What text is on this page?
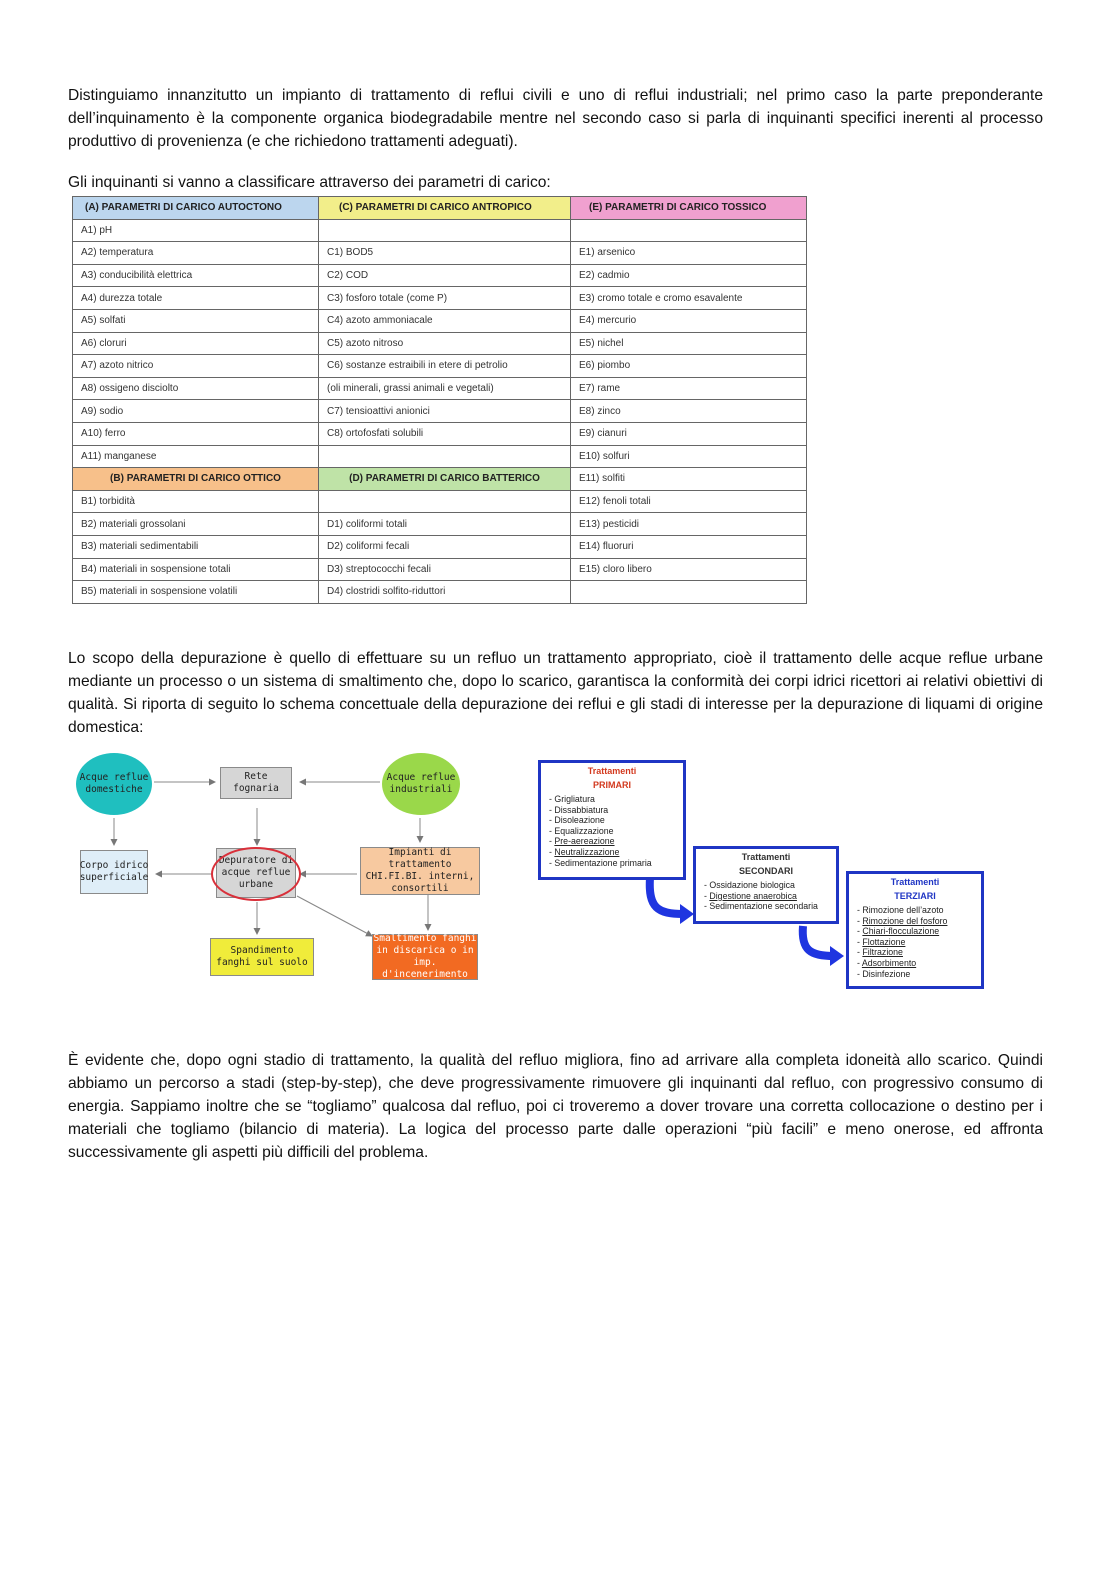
Distinguiamo innanzitutto un impianto di trattamento di reflui civili e uno di reflui industriali; nel primo caso la parte preponderante dell’inquinamento è la componente organica biodegradabile mentre nel secondo caso si parla di inquinanti specifici inerenti al processo produttivo di provenienza (e che richiedono trattamenti adeguati).

Gli inquinanti si vanno a classificare attraverso dei parametri di carico:

(A) PARAMETRI DI CARICO AUTOCTONO	(C) PARAMETRI DI CARICO ANTROPICO	(E) PARAMETRI DI CARICO TOSSICO
A1) pH		
A2) temperatura	C1) BOD5	E1) arsenico
A3) conducibilità elettrica	C2) COD	E2) cadmio
A4) durezza totale	C3) fosforo totale (come P)	E3) cromo totale e cromo esavalente
A5) solfati	C4) azoto ammoniacale	E4) mercurio
A6) cloruri	C5) azoto nitroso	E5) nichel
A7) azoto nitrico	C6) sostanze estraibili in etere di petrolio	E6) piombo
A8) ossigeno disciolto	(oli minerali, grassi animali e vegetali)	E7) rame
A9) sodio	C7) tensioattivi anionici	E8) zinco
A10) ferro	C8) ortofosfati solubili	E9) cianuri
A11) manganese		E10) solfuri
(B) PARAMETRI DI CARICO OTTICO	(D) PARAMETRI DI CARICO BATTERICO	E11) solfiti
B1) torbidità		E12) fenoli totali
B2) materiali grossolani	D1) coliformi totali	E13) pesticidi
B3) materiali sedimentabili	D2) coliformi fecali	E14) fluoruri
B4) materiali in sospensione totali	D3) streptococchi fecali	E15) cloro libero
B5) materiali in sospensione volatili	D4) clostridi solfito-riduttori	

Lo scopo della depurazione è quello di effettuare su un refluo un trattamento appropriato, cioè il trattamento delle acque reflue urbane mediante un processo o un sistema di smaltimento che, dopo lo scarico, garantisca la conformità dei corpi idrici ricettori ai relativi obiettivi di qualità. Si riporta di seguito lo schema concettuale della depurazione dei reflui e gli stadi di interesse per la depurazione di liquami di origine domestica:

Acque reflue domestiche
Rete fognaria
Acque reflue industriali
Corpo idrico superficiale
Depuratore di acque reflue urbane
Impianti di trattamento CHI.FI.BI. interni, consortili
Spandimento fanghi sul suolo
Smaltimento fanghi in discarica o in imp. d'incenerimento
Trattamenti
PRIMARI
- Grigliatura
- Dissabbiatura
- Disoleazione
- Equalizzazione
- Pre-aereazione
- Neutralizzazione
- Sedimentazione primaria
Trattamenti
SECONDARI
- Ossidazione biologica
- Digestione anaerobica
- Sedimentazione secondaria
Trattamenti
TERZIARI
- Rimozione dell’azoto
- Rimozione del fosforo
- Chiari-flocculazione
- Flottazione
- Filtrazione
- Adsorbimento
- Disinfezione

È evidente che, dopo ogni stadio di trattamento, la qualità del refluo migliora, fino ad arrivare alla completa idoneità allo scarico. Quindi abbiamo un percorso a stadi (step-by-step), che deve progressivamente rimuovere gli inquinanti dal refluo, con progressivo consumo di energia. Sappiamo inoltre che se “togliamo” qualcosa dal refluo, poi ci troveremo a dover trovare una corretta collocazione o destino per i materiali che togliamo (bilancio di materia). La logica del processo parte dalle operazioni “più facili” e meno onerose, ed affronta successivamente gli aspetti più difficili del problema.
